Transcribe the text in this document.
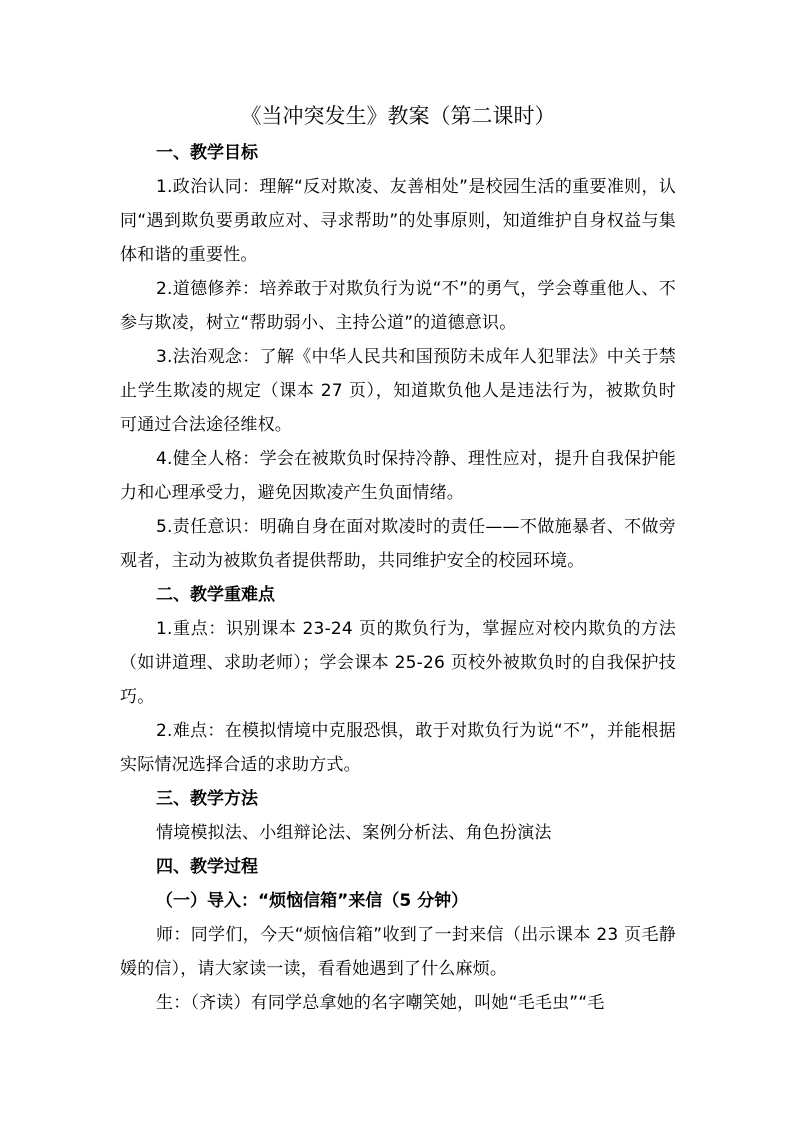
《当冲突发生》教案（第二课时）
一、教学目标

1.政治认同：理解“反对欺凌、友善相处”是校园生活的重要准则，认同“遇到欺负要勇敢应对、寻求帮助”的处事原则，知道维护自身权益与集体和谐的重要性。

2.道德修养：培养敢于对欺负行为说“不”的勇气，学会尊重他人、不参与欺凌，树立“帮助弱小、主持公道”的道德意识。

3.法治观念：了解《中华人民共和国预防未成年人犯罪法》中关于禁止学生欺凌的规定（课本 27 页），知道欺负他人是违法行为，被欺负时可通过合法途径维权。

4.健全人格：学会在被欺负时保持冷静、理性应对，提升自我保护能力和心理承受力，避免因欺凌产生负面情绪。

5.责任意识：明确自身在面对欺凌时的责任——不做施暴者、不做旁观者，主动为被欺负者提供帮助，共同维护安全的校园环境。

二、教学重难点

1.重点：识别课本 23-24 页的欺负行为，掌握应对校内欺负的方法（如讲道理、求助老师）；学会课本 25-26 页校外被欺负时的自我保护技巧。

2.难点：在模拟情境中克服恐惧，敢于对欺负行为说“不”，并能根据实际情况选择合适的求助方式。

三、教学方法

情境模拟法、小组辩论法、案例分析法、角色扮演法

四、教学过程
（一）导入：“烦恼信箱”来信（5 分钟）

师：同学们，今天“烦恼信箱”收到了一封来信（出示课本 23 页毛静媛的信），请大家读一读，看看她遇到了什么麻烦。

生：（齐读）有同学总拿她的名字嘲笑她，叫她“毛毛虫”“毛
